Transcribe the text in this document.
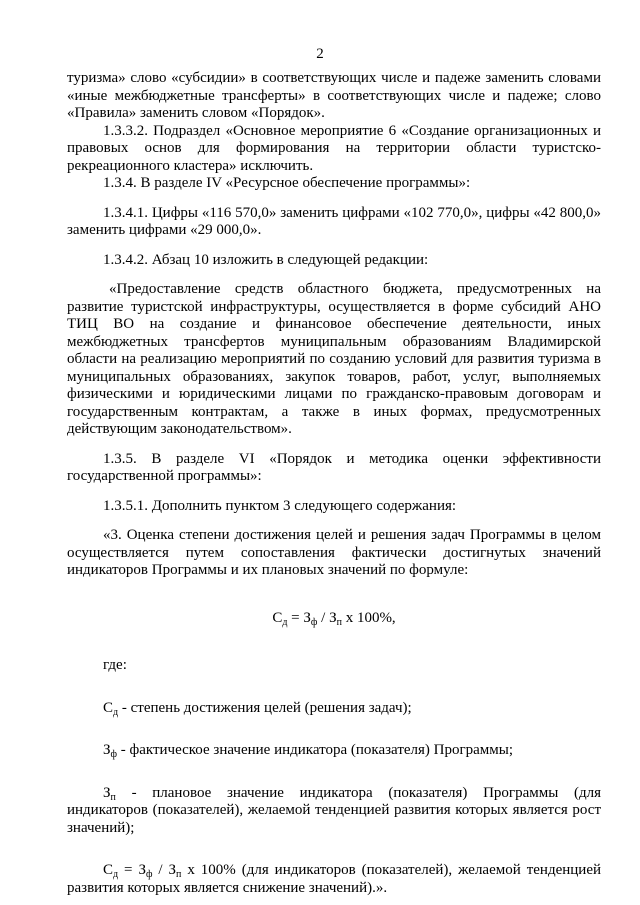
2

туризма» слово «субсидии» в соответствующих числе и падеже заменить словами «иные межбюджетные трансферты» в соответствующих числе и падеже; слово «Правила» заменить словом «Порядок».

1.3.3.2. Подраздел «Основное мероприятие 6 «Создание организационных и правовых основ для формирования на территории области туристско-рекреационного кластера» исключить.

1.3.4. В разделе IV «Ресурсное обеспечение программы»:

1.3.4.1. Цифры «116 570,0» заменить цифрами «102 770,0», цифры «42 800,0» заменить цифрами «29 000,0».

1.3.4.2. Абзац 10 изложить в следующей редакции:

«Предоставление средств областного бюджета, предусмотренных на развитие туристской инфраструктуры, осуществляется в форме субсидий АНО ТИЦ ВО на создание и финансовое обеспечение деятельности, иных межбюджетных трансфертов муниципальным образованиям Владимирской области на реализацию мероприятий по созданию условий для развития туризма в муниципальных образованиях, закупок товаров, работ, услуг, выполняемых физическими и юридическими лицами по гражданско-правовым договорам и государственным контрактам, а также в иных формах, предусмотренных действующим законодательством».

1.3.5. В разделе VI «Порядок и методика оценки эффективности государственной программы»:

1.3.5.1. Дополнить пунктом 3 следующего содержания:

«3. Оценка степени достижения целей и решения задач Программы в целом осуществляется путем сопоставления фактически достигнутых значений индикаторов Программы и их плановых значений по формуле:

$С_д = З_ф / З_п$ х 100%,

где:

$С_д$ - степень достижения целей (решения задач);

$З_ф$ - фактическое значение индикатора (показателя) Программы;

$З_п$ - плановое значение индикатора (показателя) Программы (для индикаторов (показателей), желаемой тенденцией развития которых является рост значений);

$С_д = З_ф / З_п$ х 100% (для индикаторов (показателей), желаемой тенденцией развития которых является снижение значений).».
